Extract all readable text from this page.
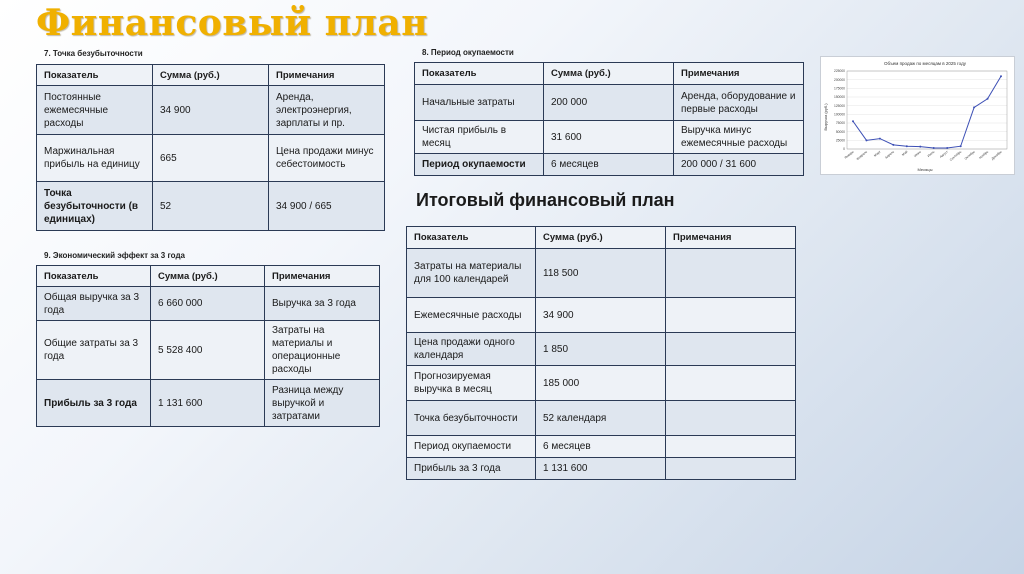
Финансовый план
7. Точка безубыточности
Показатель	Сумма (руб.)	Примечания
Постоянные ежемесячные расходы	34 900	Аренда, электроэнергия, зарплаты и пр.
Маржинальная прибыль на единицу	665	Цена продажи минус себестоимость
Точка безубыточности (в единицах)	52	34 900 / 665
9. Экономический эффект за 3 года
Показатель	Сумма (руб.)	Примечания
Общая выручка за 3 года	6 660 000	Выручка за 3 года
Общие затраты за 3 года	5 528 400	Затраты на материалы и операционные расходы
Прибыль за 3 года	1 131 600	Разница между выручкой и затратами
8. Период окупаемости
Показатель	Сумма (руб.)	Примечания
Начальные затраты	200 000	Аренда, оборудование и первые расходы
Чистая прибыль в месяц	31 600	Выручка минус ежемесячные расходы
Период окупаемости	6 месяцев	200 000 / 31 600
Объем продаж по месяцам в 2025 году
Выручка (руб.)
Месяцы
0
25000
50000
75000
100000
125000
150000
175000
200000
225000
Январь Февраль Март Апрель Май Июнь Июль Август Сентябрь Октябрь Ноябрь Декабрь
Итоговый финансовый план
Показатель	Сумма (руб.)	Примечания
Затраты на материалы для 100 календарей	118 500	
Ежемесячные расходы	34 900	
Цена продажи одного календаря	1 850	
Прогнозируемая выручка в месяц	185 000	
Точка безубыточности	52 календаря	
Период окупаемости	6 месяцев	
Прибыль за 3 года	1 131 600	
